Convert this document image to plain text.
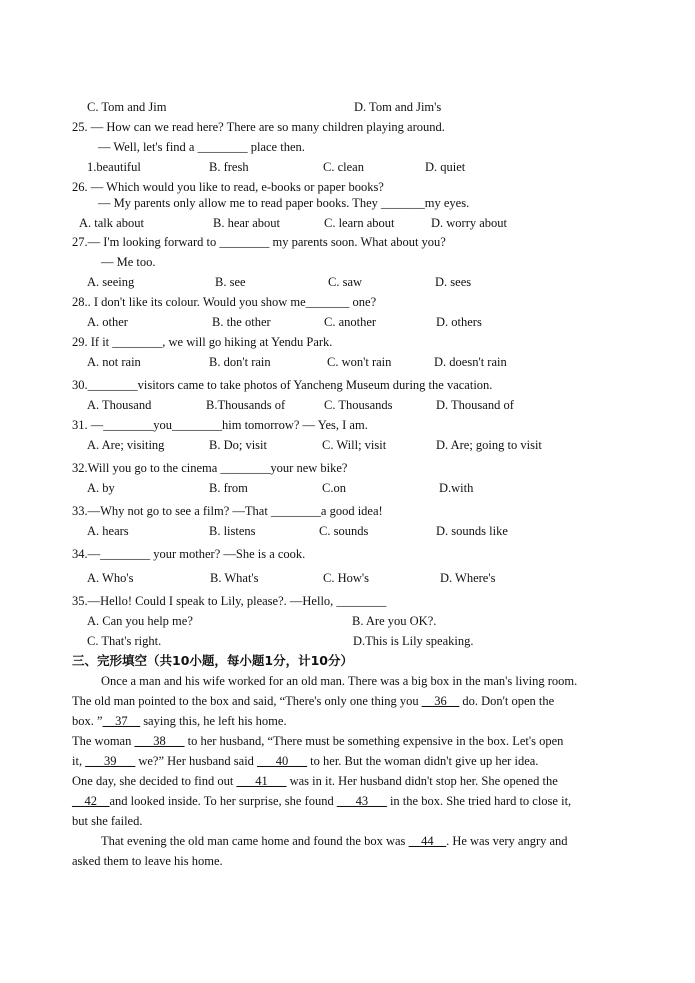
C. Tom and Jim	D. Tom and Jim's
25. — How can we read here? There are so many children playing around.
— Well, let's find a ________ place then.
1.beautiful	B. fresh	C. clean	D. quiet
26. — Which would you like to read, e-books or paper books?
— My parents only allow me to read paper books. They _______my eyes.
A. talk about	B. hear about	C. learn about	D. worry about
27.— I'm looking forward to ________ my parents soon. What about you?
— Me too.
A. seeing	B. see	C. saw	D. sees
28.. I don't like its colour. Would you show me_______ one?
A. other	B. the other	C. another	D. others
29. If it ________, we will go hiking at Yendu Park.
A. not rain	B. don't rain	C. won't rain	D. doesn't rain
30.________visitors came to take photos of Yancheng Museum during the vacation.
A. Thousand	B.Thousands of	C. Thousands	D. Thousand of
31. —________you________him tomorrow? — Yes, I am.
A. Are; visiting	B. Do; visit	C. Will; visit	D. Are; going to visit
32.Will you go to the cinema ________your new bike?
A. by	B. from	C.on	D.with
33.—Why not go to see a film? —That ________a good idea!
A. hears	B. listens	C. sounds	D. sounds like
34.—________ your mother? —She is a cook.
A. Who's	B. What's	C. How's	D. Where's
35.—Hello! Could I speak to Lily, please?. —Hello, ________
A. Can you help me?	B. Are you OK?.
C. That's right.	D.This is Lily speaking.
三、完形填空（共10小题，每小题1分，计10分）
Once a man and his wife worked for an old man. There was a big box in the man's living room.
The old man pointed to the box and said, “There's only one thing you __36__ do. Don't open the
box. ”__37__ saying this, he left his home.
The woman ___38___ to her husband, “There must be something expensive in the box. Let's open
it, ___39___ we?” Her husband said ___40___ to her. But the woman didn't give up her idea.
One day, she decided to find out ___41___ was in it. Her husband didn't stop her. She opened the
__42__and looked inside. To her surprise, she found ___43___ in the box. She tried hard to close it,
but she failed.
That evening the old man came home and found the box was __44__. He was very angry and
asked them to leave his home.
